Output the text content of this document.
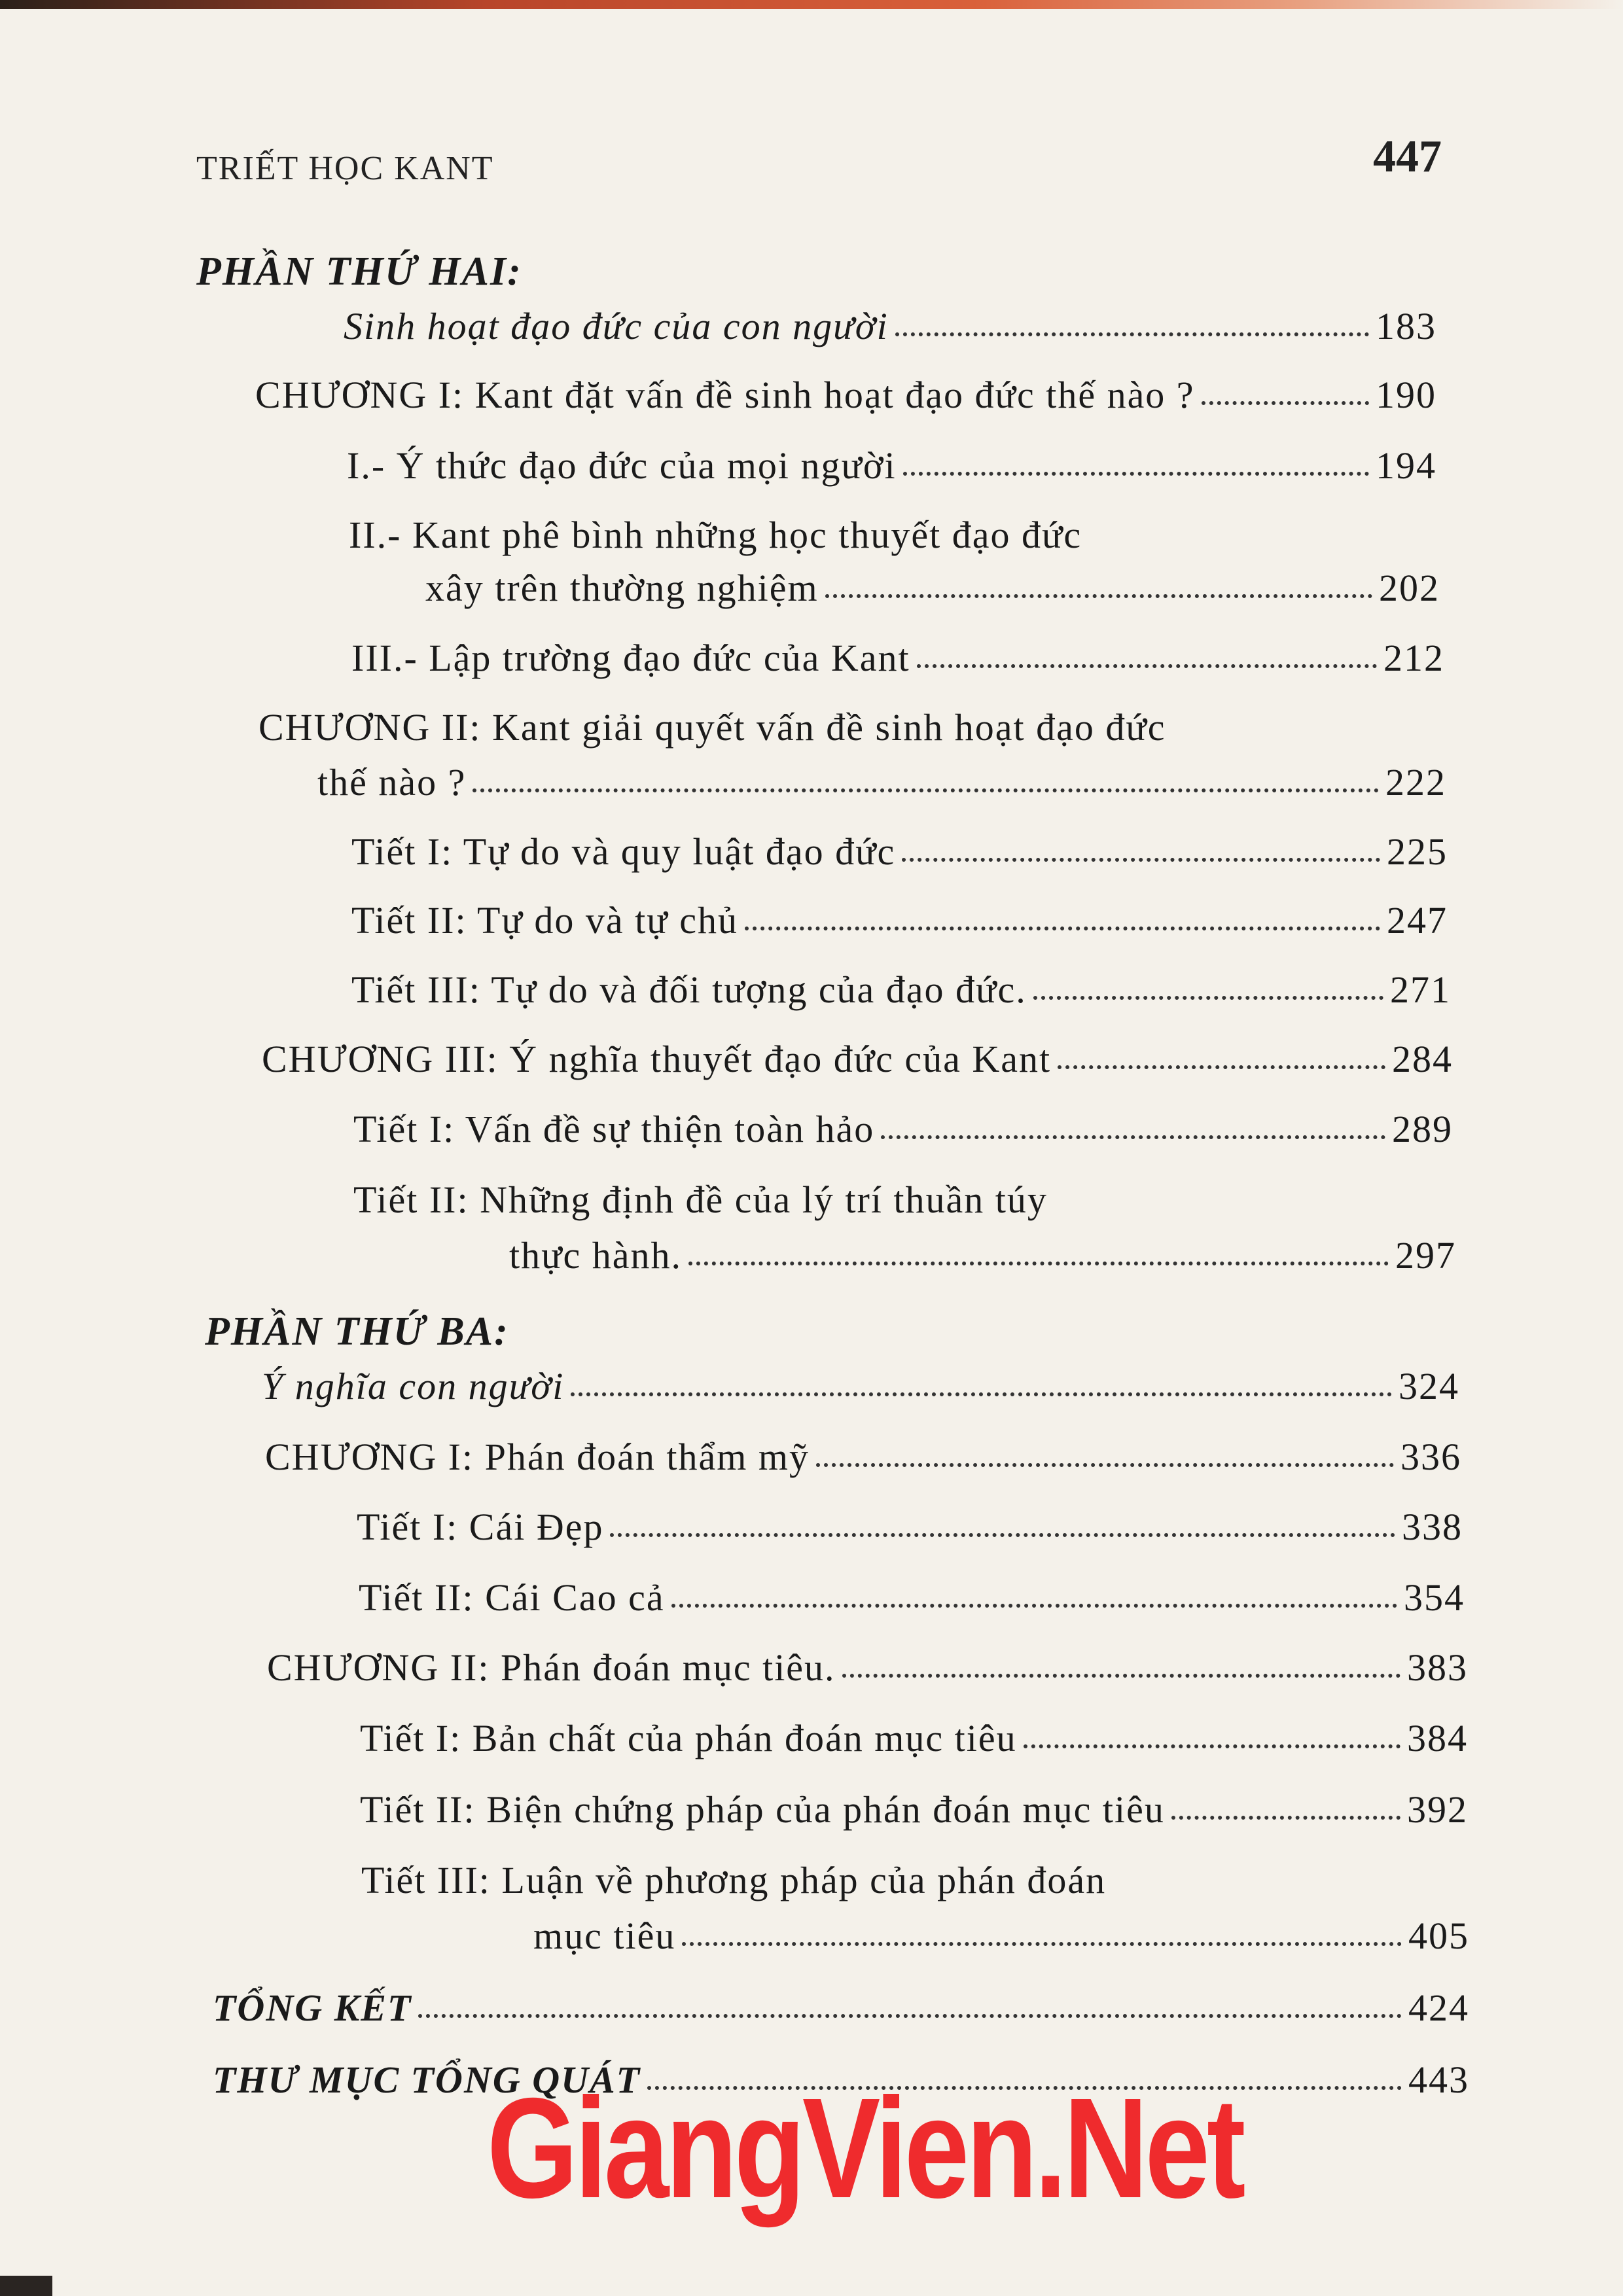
TRIẾT HỌC KANT	447
PHẦN THỨ HAI:
Sinh hoạt đạo đức của con người	183
CHƯƠNG I: Kant đặt vấn đề sinh hoạt đạo đức thế nào ?	190
I.- Ý thức đạo đức của mọi người	194
II.- Kant phê bình những học thuyết đạo đức
xây trên thường nghiệm	202
III.- Lập trường đạo đức của Kant	212
CHƯƠNG II: Kant giải quyết vấn đề sinh hoạt đạo đức
thế nào ?	222
Tiết I: Tự do và quy luật đạo đức	225
Tiết II: Tự do và tự chủ	247
Tiết III: Tự do và đối tượng của đạo đức.	271
CHƯƠNG III: Ý nghĩa thuyết đạo đức của Kant	284
Tiết I: Vấn đề sự thiện toàn hảo	289
Tiết II: Những định đề của lý trí thuần túy
thực hành.	297
PHẦN THỨ BA:
Ý nghĩa con người	324
CHƯƠNG I: Phán đoán thẩm mỹ	336
Tiết I: Cái Đẹp	338
Tiết II: Cái Cao cả	354
CHƯƠNG II: Phán đoán mục tiêu.	383
Tiết I: Bản chất của phán đoán mục tiêu	384
Tiết II: Biện chứng pháp của phán đoán mục tiêu	392
Tiết III: Luận về phương pháp của phán đoán
mục tiêu	405
TỔNG KẾT	424
THƯ MỤC TỔNG QUÁT	443
GiangVien.Net
